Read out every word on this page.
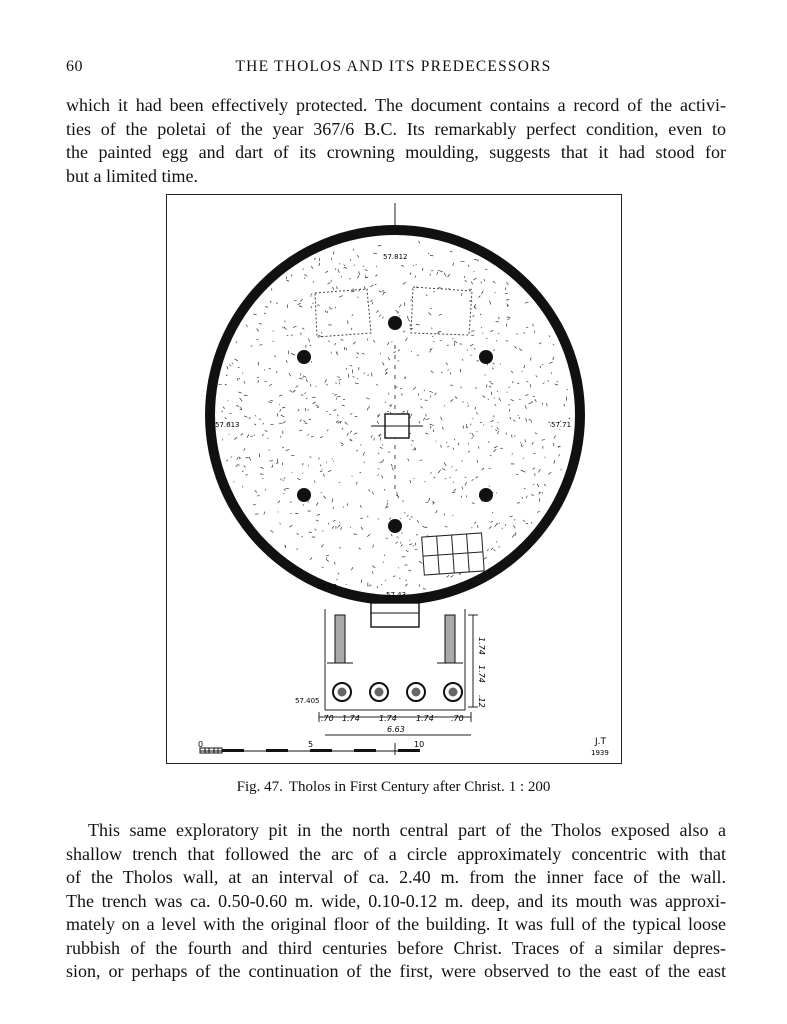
60	THE THOLOS AND ITS PREDECESSORS
which it had been effectively protected. The document contains a record of the activi-
ties of the poletai of the year 367/6 B.C. Its remarkably perfect condition, even to
the painted egg and dart of its crowning moulding, suggests that it had stood for
but a limited time.
57.812
57.613	57.71
57.32
57.43
57.405
.70 1.74 1.74 1.74 .70
6.63
1.74
1.74
.12
0	5	10	J.T
1939
Fig. 47. Tholos in First Century after Christ. 1 : 200
This same exploratory pit in the north central part of the Tholos exposed also a
shallow trench that followed the arc of a circle approximately concentric with that
of the Tholos wall, at an interval of ca. 2.40 m. from the inner face of the wall.
The trench was ca. 0.50-0.60 m. wide, 0.10-0.12 m. deep, and its mouth was approxi-
mately on a level with the original floor of the building. It was full of the typical loose
rubbish of the fourth and third centuries before Christ. Traces of a similar depres-
sion, or perhaps of the continuation of the first, were observed to the east of the east
